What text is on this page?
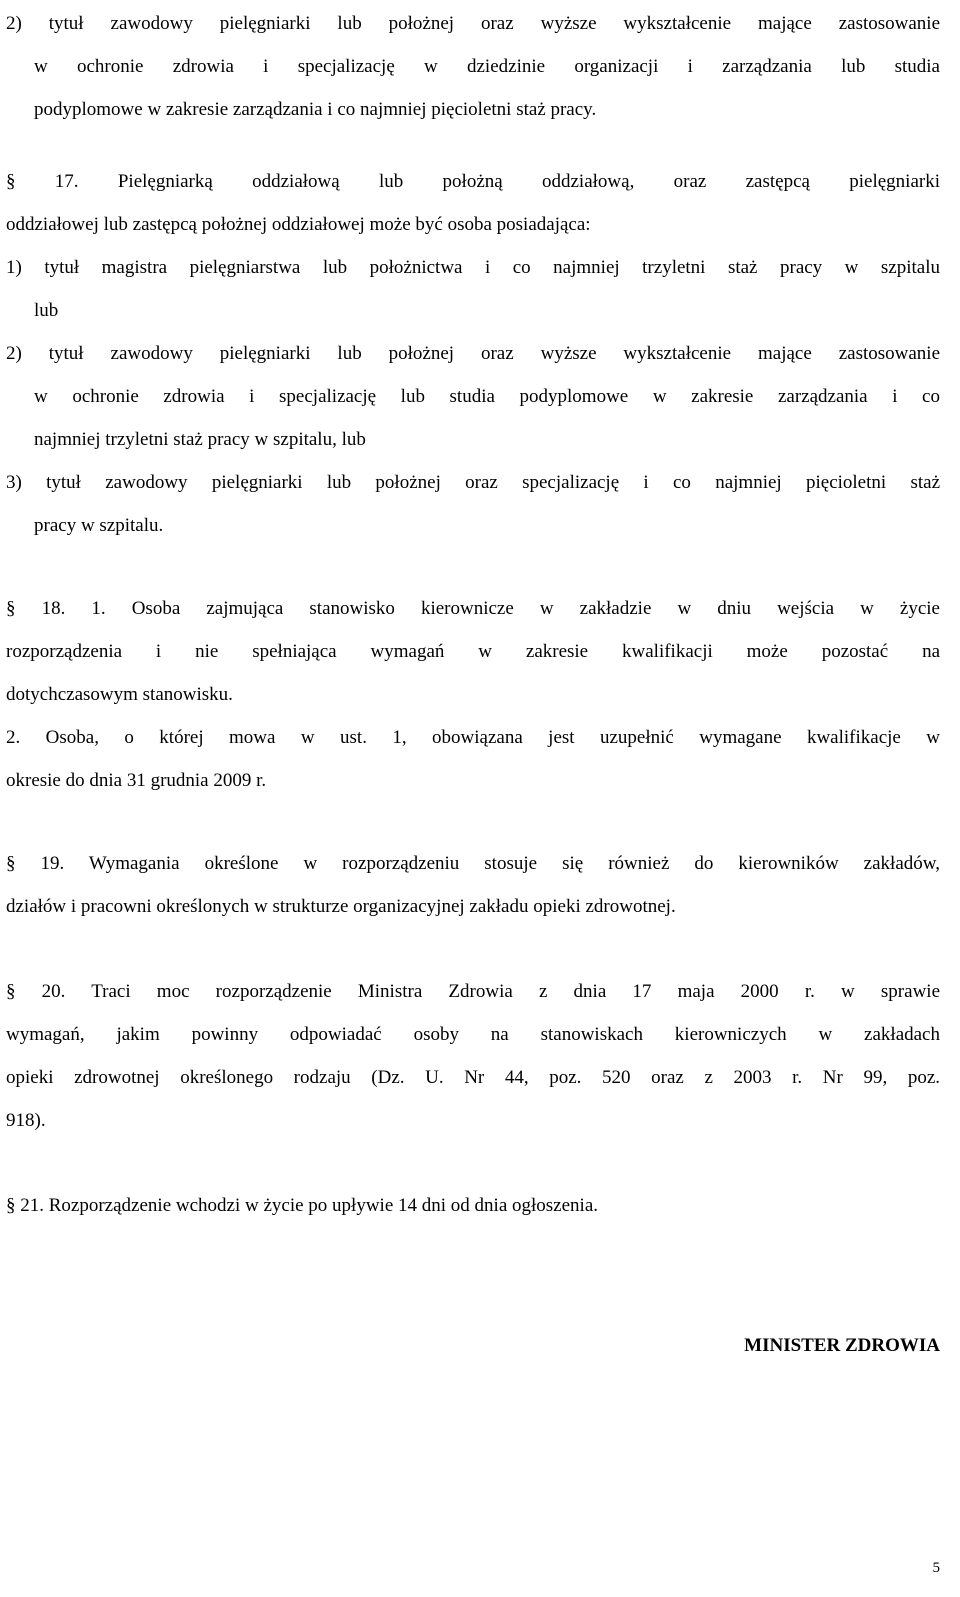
2) tytuł zawodowy pielęgniarki lub położnej oraz wyższe wykształcenie mające zastosowanie
w ochronie zdrowia i specjalizację w dziedzinie organizacji i zarządzania lub studia
podyplomowe w zakresie zarządzania i co najmniej pięcioletni staż pracy.
§ 17. Pielęgniarką oddziałową lub położną oddziałową, oraz zastępcą pielęgniarki
oddziałowej lub zastępcą położnej oddziałowej może być osoba posiadająca:
1) tytuł magistra pielęgniarstwa lub położnictwa i co najmniej trzyletni staż pracy w szpitalu
lub
2) tytuł zawodowy pielęgniarki lub położnej oraz wyższe wykształcenie mające zastosowanie
w ochronie zdrowia i specjalizację lub studia podyplomowe w zakresie zarządzania i co
najmniej trzyletni staż pracy w szpitalu, lub
3) tytuł zawodowy pielęgniarki lub położnej oraz specjalizację i co najmniej pięcioletni staż
pracy w szpitalu.
§ 18. 1. Osoba zajmująca stanowisko kierownicze w zakładzie w dniu wejścia w życie
rozporządzenia i nie spełniająca wymagań w zakresie kwalifikacji może pozostać na
dotychczasowym stanowisku.
2. Osoba, o której mowa w ust. 1, obowiązana jest uzupełnić wymagane kwalifikacje w
okresie do dnia 31 grudnia 2009 r.
§ 19. Wymagania określone w rozporządzeniu stosuje się również do kierowników zakładów,
działów i pracowni określonych w strukturze organizacyjnej zakładu opieki zdrowotnej.
§ 20. Traci moc rozporządzenie Ministra Zdrowia z dnia 17 maja 2000 r. w sprawie
wymagań, jakim powinny odpowiadać osoby na stanowiskach kierowniczych w zakładach
opieki zdrowotnej określonego rodzaju (Dz. U. Nr 44, poz. 520 oraz z 2003 r. Nr 99, poz.
918).
§ 21. Rozporządzenie wchodzi w życie po upływie 14 dni od dnia ogłoszenia.
MINISTER ZDROWIA
5
